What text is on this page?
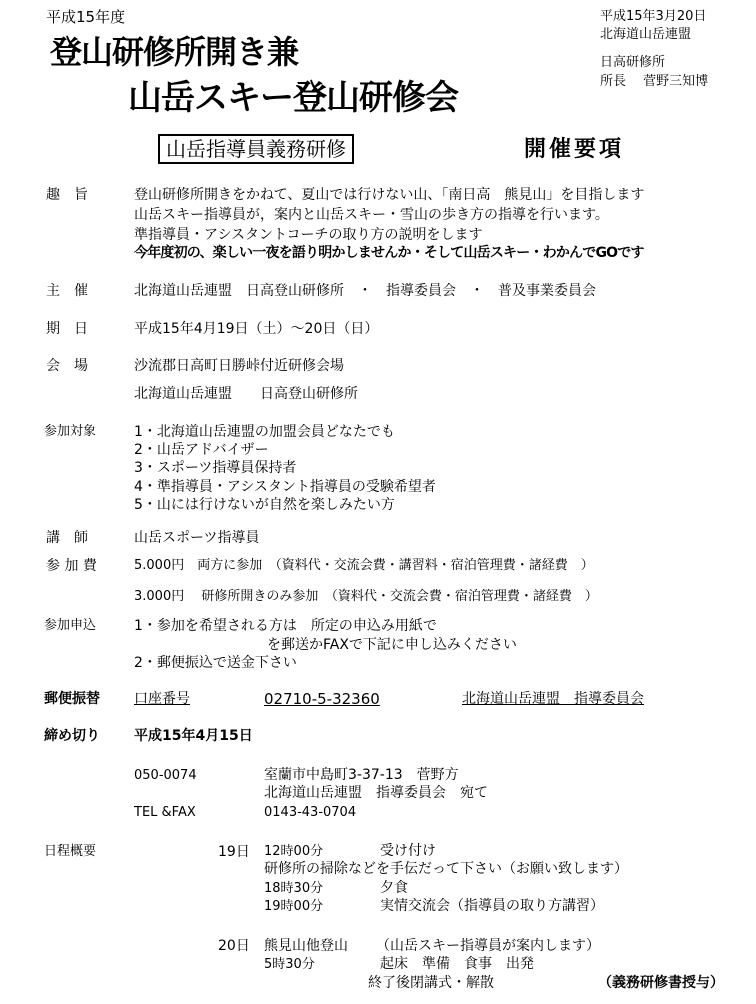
平成15年度
登山研修所開き兼
山岳スキー登山研修会
山岳指導員義務研修	開催要項
平成15年3月20日
北海道山岳連盟
日高研修所
所長　 菅野三知博
趣　旨	登山研修所開きをかねて、夏山では行けない山、「南日高　熊見山」を目指します
山岳スキー指導員が，案内と山岳スキー・雪山の歩き方の指導を行います。
準指導員・アシスタントコーチの取り方の説明をします
今年度初の、楽しい一夜を語り明かしませんか・そして山岳スキー・わかんでGOです
主　催	北海道山岳連盟　日高登山研修所　・　指導委員会　・　普及事業委員会
期　日	平成15年4月19日（土）～20日（日）
会　場	沙流郡日高町日勝峠付近研修会場
北海道山岳連盟　　日高登山研修所
参加対象	1・北海道山岳連盟の加盟会員どなたでも
2・山岳アドバイザー
3・スポーツ指導員保持者
4・準指導員・アシスタント指導員の受験希望者
5・山には行けないが自然を楽しみたい方
講　師	山岳スポーツ指導員
参 加 費	5.000円　両方に参加　（資料代・交流会費・講習料・宿泊管理費・諸経費　）
3.000円　 研修所開きのみ参加　（資料代・交流会費・宿泊管理費・諸経費　）
参加申込	1・参加を希望される方は　所定の申込み用紙で
を郵送かFAXで下記に申し込みください
2・郵便振込で送金下さい
郵便振替 口座番号	02710-5-32360	北海道山岳連盟　指導委員会
締め切り 平成15年4月15日
050-0074	室蘭市中島町3-37-13　菅野方
北海道山岳連盟　指導委員会　宛て
TEL &FAX	0143-43-0704
日程概要	19日 12時00分	受け付け
研修所の掃除などを手伝だって下さい（お願い致します）
18時30分	夕食
19時00分	実情交流会（指導員の取り方講習）
20日 熊見山他登山 （山岳スキー指導員が案内します）
5時30分	起床　準備　食事　出発
終了後閉講式・解散	（義務研修書授与）
